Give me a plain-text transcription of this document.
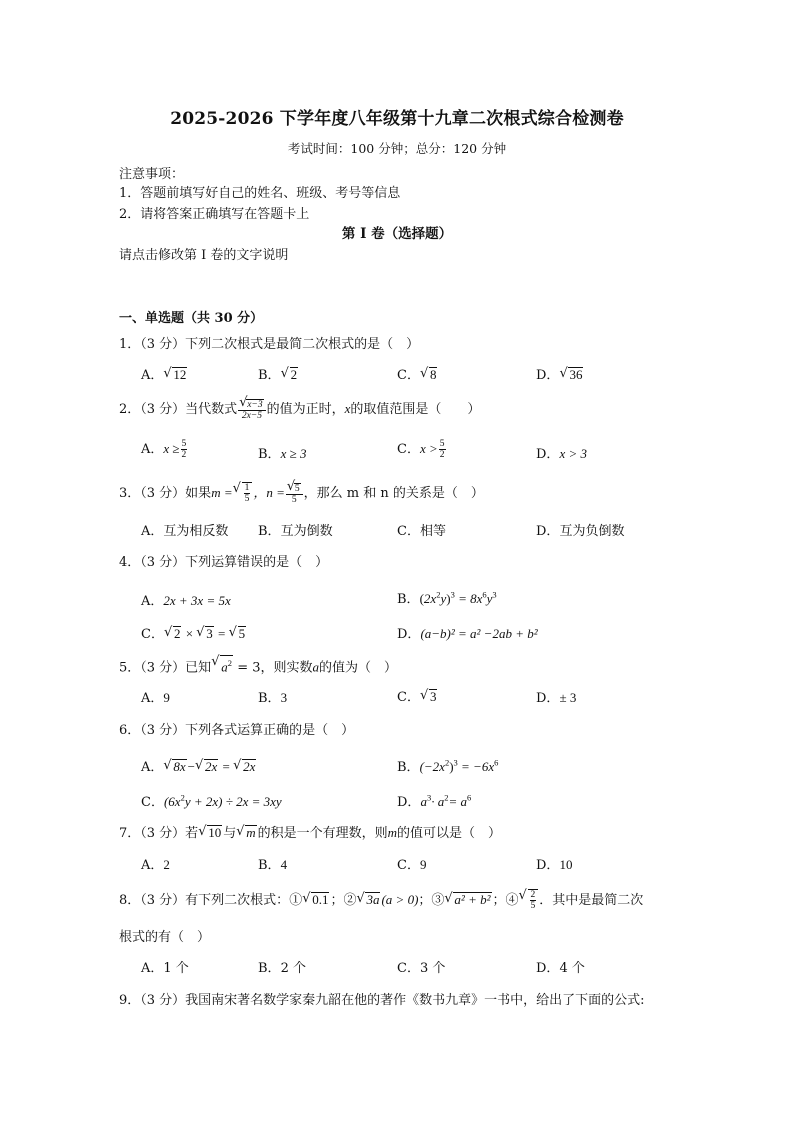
2025-2026 下学年度八年级第十九章二次根式综合检测卷
考试时间：100 分钟；总分：120 分钟
注意事项：
1．答题前填写好自己的姓名、班级、考号等信息
2．请将答案正确填写在答题卡上
第 I 卷（选择题）
请点击修改第 I 卷的文字说明
一、单选题（共 30 分）
1．（3 分）下列二次根式是最简二次根式的是（　）
A． √ 12	B． √ 2	C． √ 8	D． √ 36
2．（3 分）当代数式 √ $\frac{x-3}{2x-5}$ 的值为正时，x的取值范围是（　　）
A．$x \ge \frac{5}{2}$	B．x ≥ 3	C．$x > \frac{5}{2}$	D．x > 3
3．（3 分）如果m = √ $\frac{1}{5}$ ，n = √ $\frac{5}{5}$ ，那么 m 和 n 的关系是（　）
A．互为相反数 B．互为倒数	C．相等	D．互为负倒数
4．（3 分）下列运算错误的是（　）
A．2x + 3x = 5x	B．$(2x^2y)^3 = 8x^6y^3$
C． √ 2 × √ 3 = √ 5	D．(a−b)² = a² −2ab + b²
5．（3 分）已知 √ $a^2 = 3$，则实数a的值为（　）
A．9	B．3	C． √ 3	D．± 3
6．（3 分）下列各式运算正确的是（　）
A． √ 8x − √ 2x = √ 2x	B．$(-2x^2)^3 = -6x^6$
C．$(6x^2y + 2x) \div 2x = 3xy$	D．$a^3\cdot a^2= a^6$
7．（3 分）若 √ 10 与 √ m 的积是一个有理数，则m的值可以是（　）
A．2	B．4	C．9	D．10
8．（3 分）有下列二次根式：① √ 0.1 ；② √ 3a (a > 0)；③ √ a² + b² ；④ √ $\frac{2}{5}$ ．其中是最简二次
根式的有（　）
A．1 个	B．2 个	C．3 个	D．4 个
9．（3 分）我国南宋著名数学家秦九韶在他的著作《数书九章》一书中，给出了下面的公式:
